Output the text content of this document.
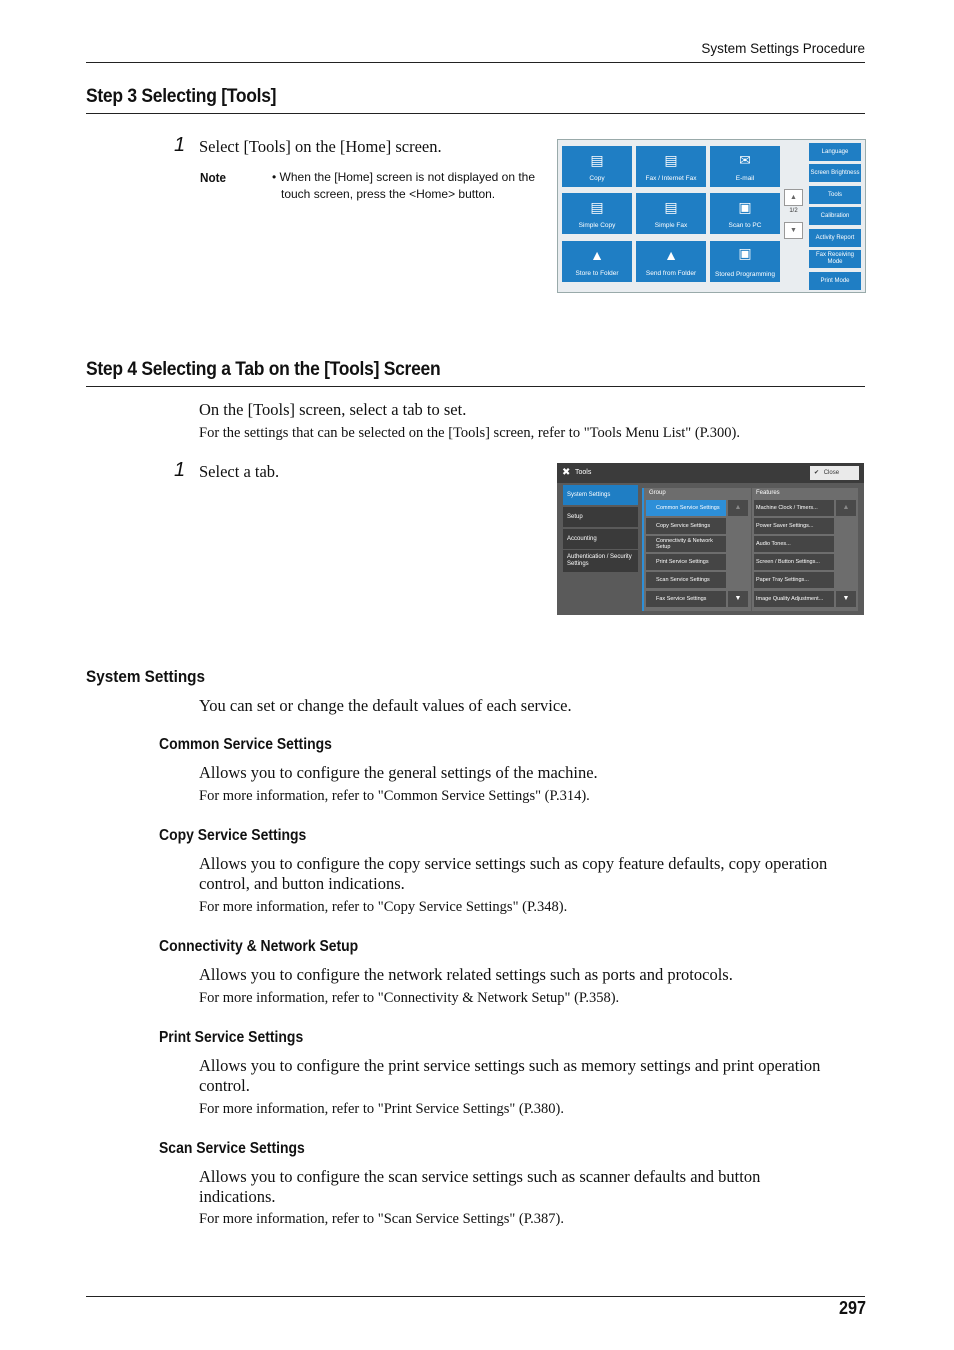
System Settings Procedure
Step 3 Selecting [Tools]
1 Select [Tools] on the [Home] screen.
Note	• When the [Home] screen is not displayed on the touch screen, press the <Home> button.
▤
Copy
▤
Fax / Internet Fax
✉
E-mail
▤
Simple Copy
▤
Simple Fax
▣
Scan to PC
▲
Store to Folder
▲
Send from Folder
▣
Stored Programming
▲
1/2
▼
Language
Screen Brightness
Tools
Calibration
Activity Report
Fax Receiving Mode
Print Mode
Step 4 Selecting a Tab on the [Tools] Screen
On the [Tools] screen, select a tab to set.
For the settings that can be selected on the [Tools] screen, refer to "Tools Menu List" (P.300).
1 Select a tab.	✖ Tools	✔ Close
System Settings
Setup
Accounting
Authentication / Security Settings
Group
Common Service Settings
Copy Service Settings
Connectivity & Network Setup
Print Service Settings
Scan Service Settings
Fax Service Settings
▲
▼
Features
Machine Clock / Timers...
Power Saver Settings...
Audio Tones...
Screen / Button Settings...
Paper Tray Settings...
Image Quality Adjustment...
▲
▼
System Settings
You can set or change the default values of each service.
Common Service Settings
Allows you to configure the general settings of the machine.
For more information, refer to "Common Service Settings" (P.314).
Copy Service Settings
Allows you to configure the copy service settings such as copy feature defaults, copy operation control, and button indications.
For more information, refer to "Copy Service Settings" (P.348).
Connectivity & Network Setup
Allows you to configure the network related settings such as ports and protocols.
For more information, refer to "Connectivity & Network Setup" (P.358).
Print Service Settings
Allows you to configure the print service settings such as memory settings and print operation control.
For more information, refer to "Print Service Settings" (P.380).
Scan Service Settings
Allows you to configure the scan service settings such as scanner defaults and button indications.
For more information, refer to "Scan Service Settings" (P.387).
297
